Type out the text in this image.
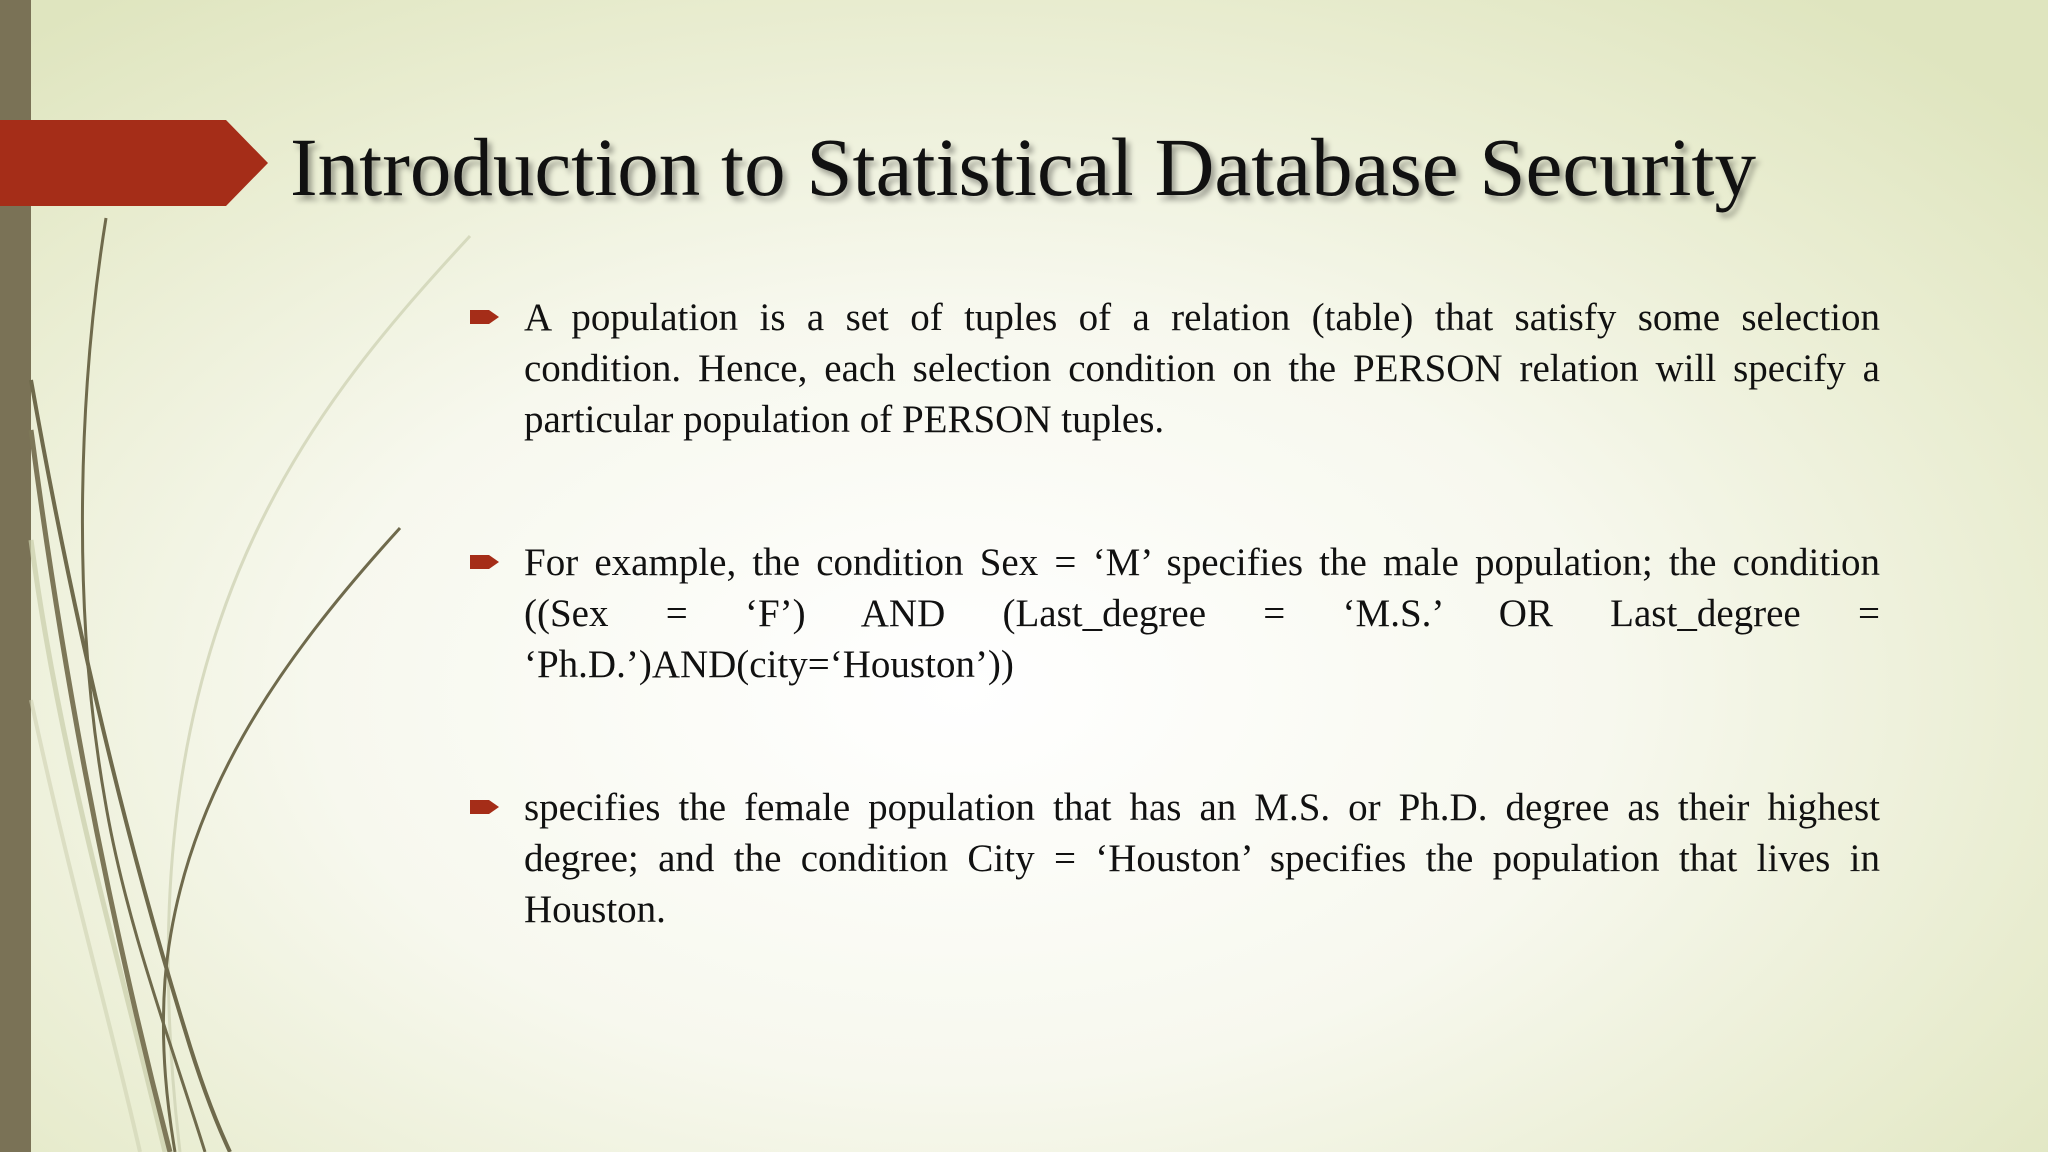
Introduction to Statistical Database Security

A population is a set of tuples of a relation (table) that satisfy some selection condition. Hence, each selection condition on the PERSON relation will specify a particular population of PERSON tuples.

For example, the condition Sex = ‘M’ specifies the male population; the condition ((Sex = ‘F’) AND (Last_degree = ‘M.S.’ OR Last_degree = ‘Ph.D.’)AND(city=‘Houston’))

specifies the female population that has an M.S. or Ph.D. degree as their highest degree; and the condition City = ‘Houston’ specifies the population that lives in Houston.
